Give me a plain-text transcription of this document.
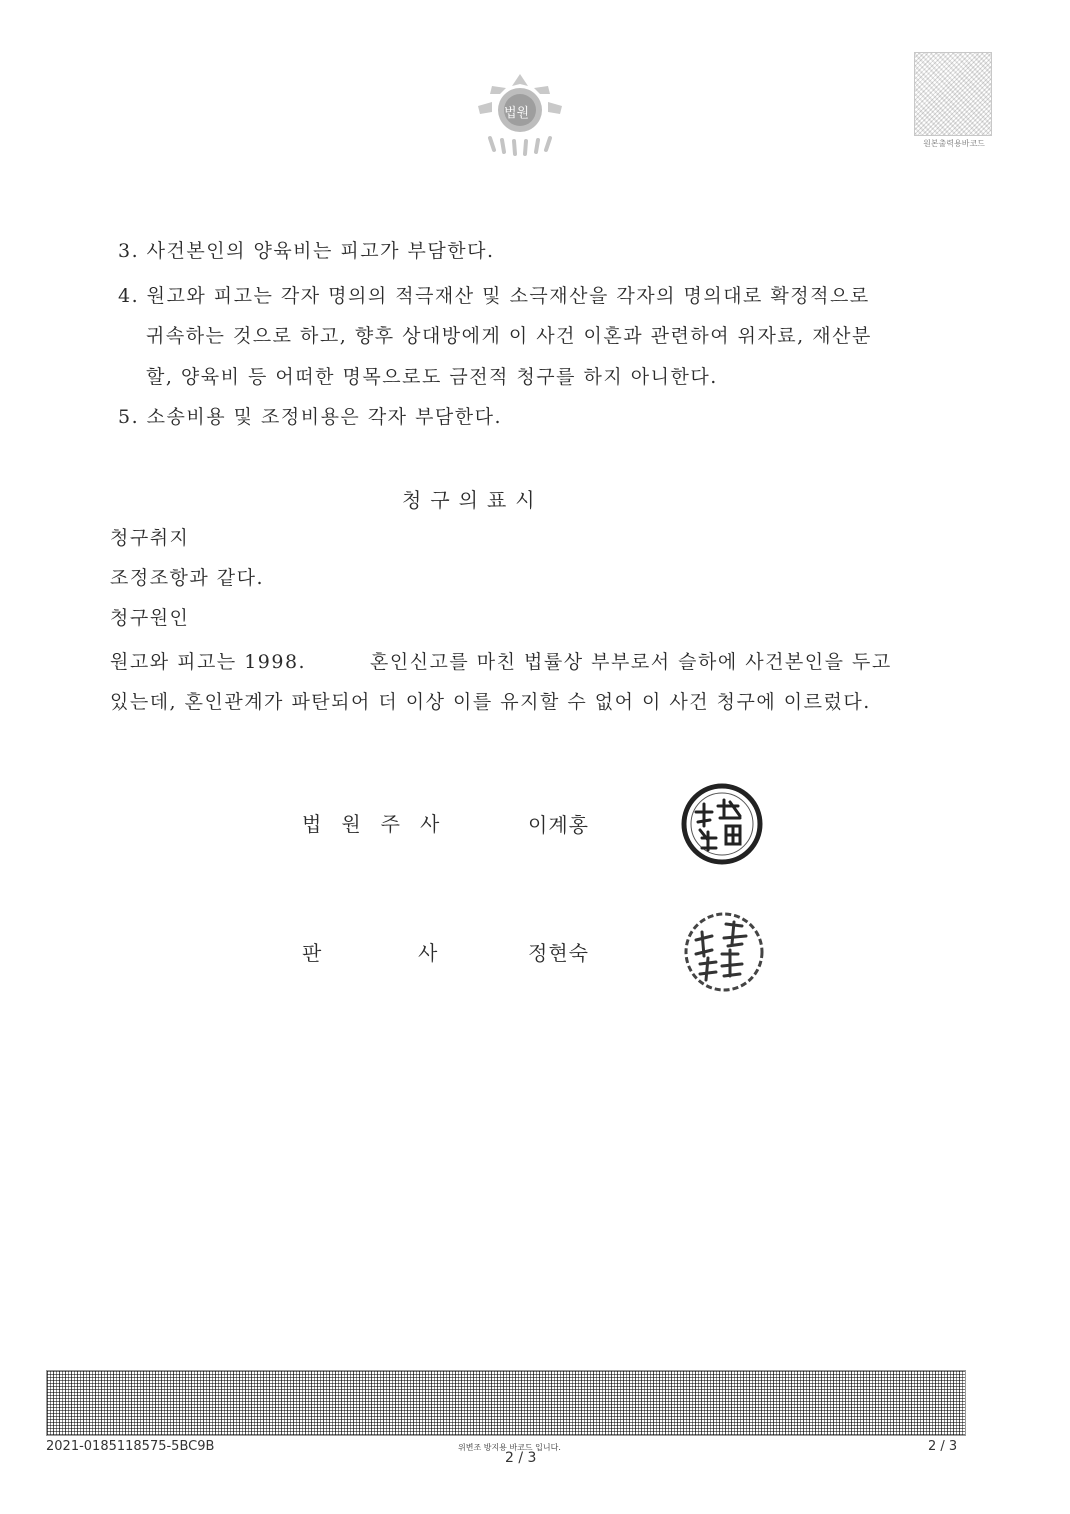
법원
원본출력용바코드
3. 사건본인의 양육비는 피고가 부담한다.
4. 원고와 피고는 각자 명의의 적극재산 및 소극재산을 각자의 명의대로 확정적으로
귀속하는 것으로 하고, 향후 상대방에게 이 사건 이혼과 관련하여 위자료, 재산분
할, 양육비 등 어떠한 명목으로도 금전적 청구를 하지 아니한다.
5. 소송비용 및 조정비용은 각자 부담한다.
청구의표시
청구취지
조정조항과 같다.
청구원인
원고와 피고는 1998.	혼인신고를 마친 법률상 부부로서 슬하에 사건본인을 두고
있는데, 혼인관계가 파탄되어 더 이상 이를 유지할 수 없어 이 사건 청구에 이르렀다.
법원주사	이계홍
판	사	정현숙
2021-0185118575-5BC9B	위변조 방지용 바코드 입니다.
2 / 3
2 / 3
